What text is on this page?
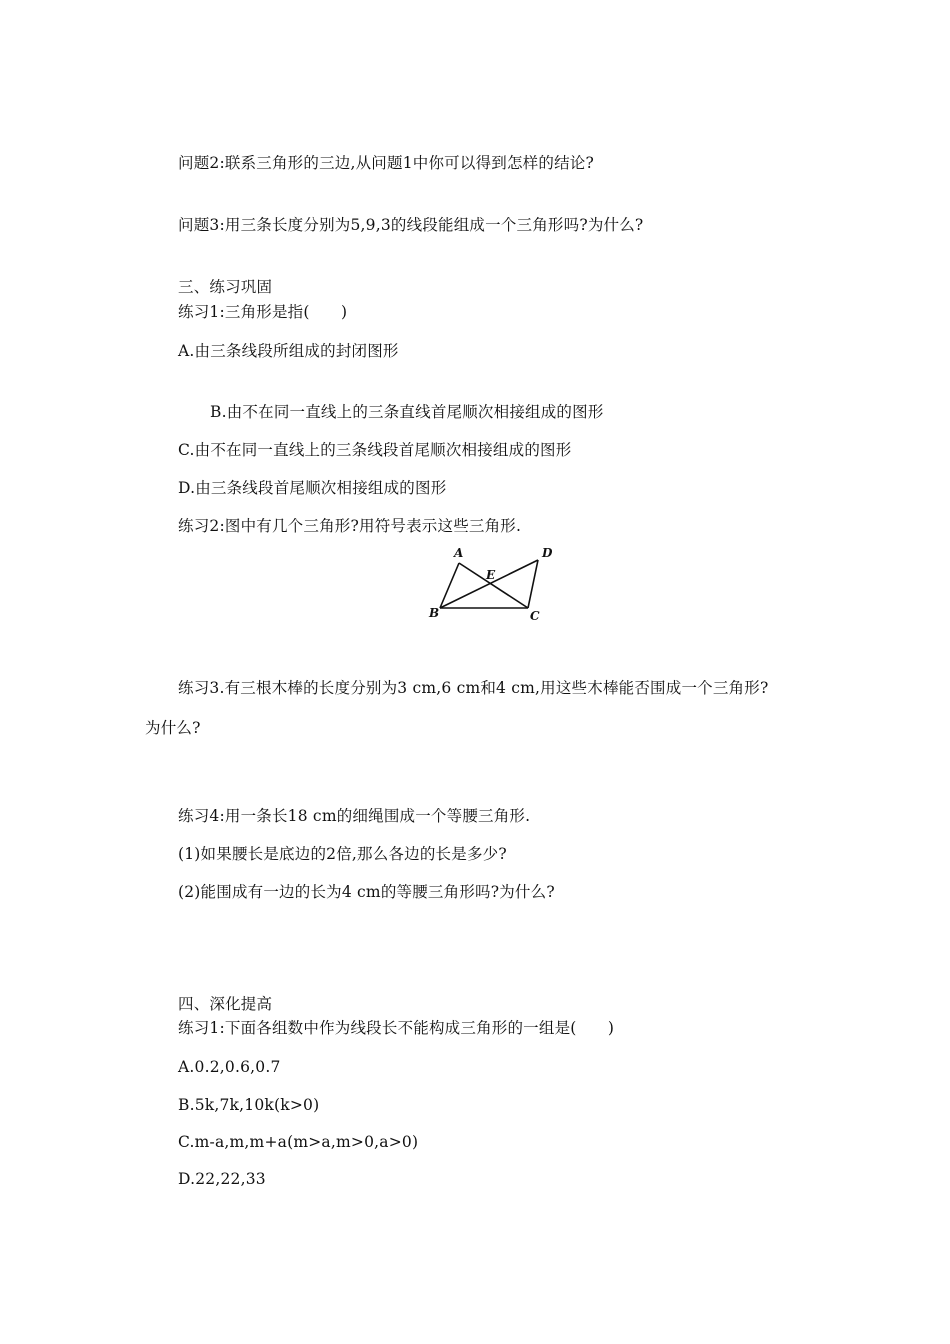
问题2:联系三角形的三边,从问题1中你可以得到怎样的结论?
问题3:用三条长度分别为5,9,3的线段能组成一个三角形吗?为什么?
三、练习巩固
练习1:三角形是指(　　)
A.由三条线段所组成的封闭图形
B.由不在同一直线上的三条直线首尾顺次相接组成的图形
C.由不在同一直线上的三条线段首尾顺次相接组成的图形
D.由三条线段首尾顺次相接组成的图形
练习2:图中有几个三角形?用符号表示这些三角形.
A	D
E
B	C
练习3.有三根木棒的长度分别为3 cm,6 cm和4 cm,用这些木棒能否围成一个三角形?
为什么?
练习4:用一条长18 cm的细绳围成一个等腰三角形.
(1)如果腰长是底边的2倍,那么各边的长是多少?
(2)能围成有一边的长为4 cm的等腰三角形吗?为什么?
四、深化提高
练习1:下面各组数中作为线段长不能构成三角形的一组是(　　)
A.0.2,0.6,0.7
B.5k,7k,10k(k>0)
C.m-a,m,m+a(m>a,m>0,a>0)
D.22,22,33
